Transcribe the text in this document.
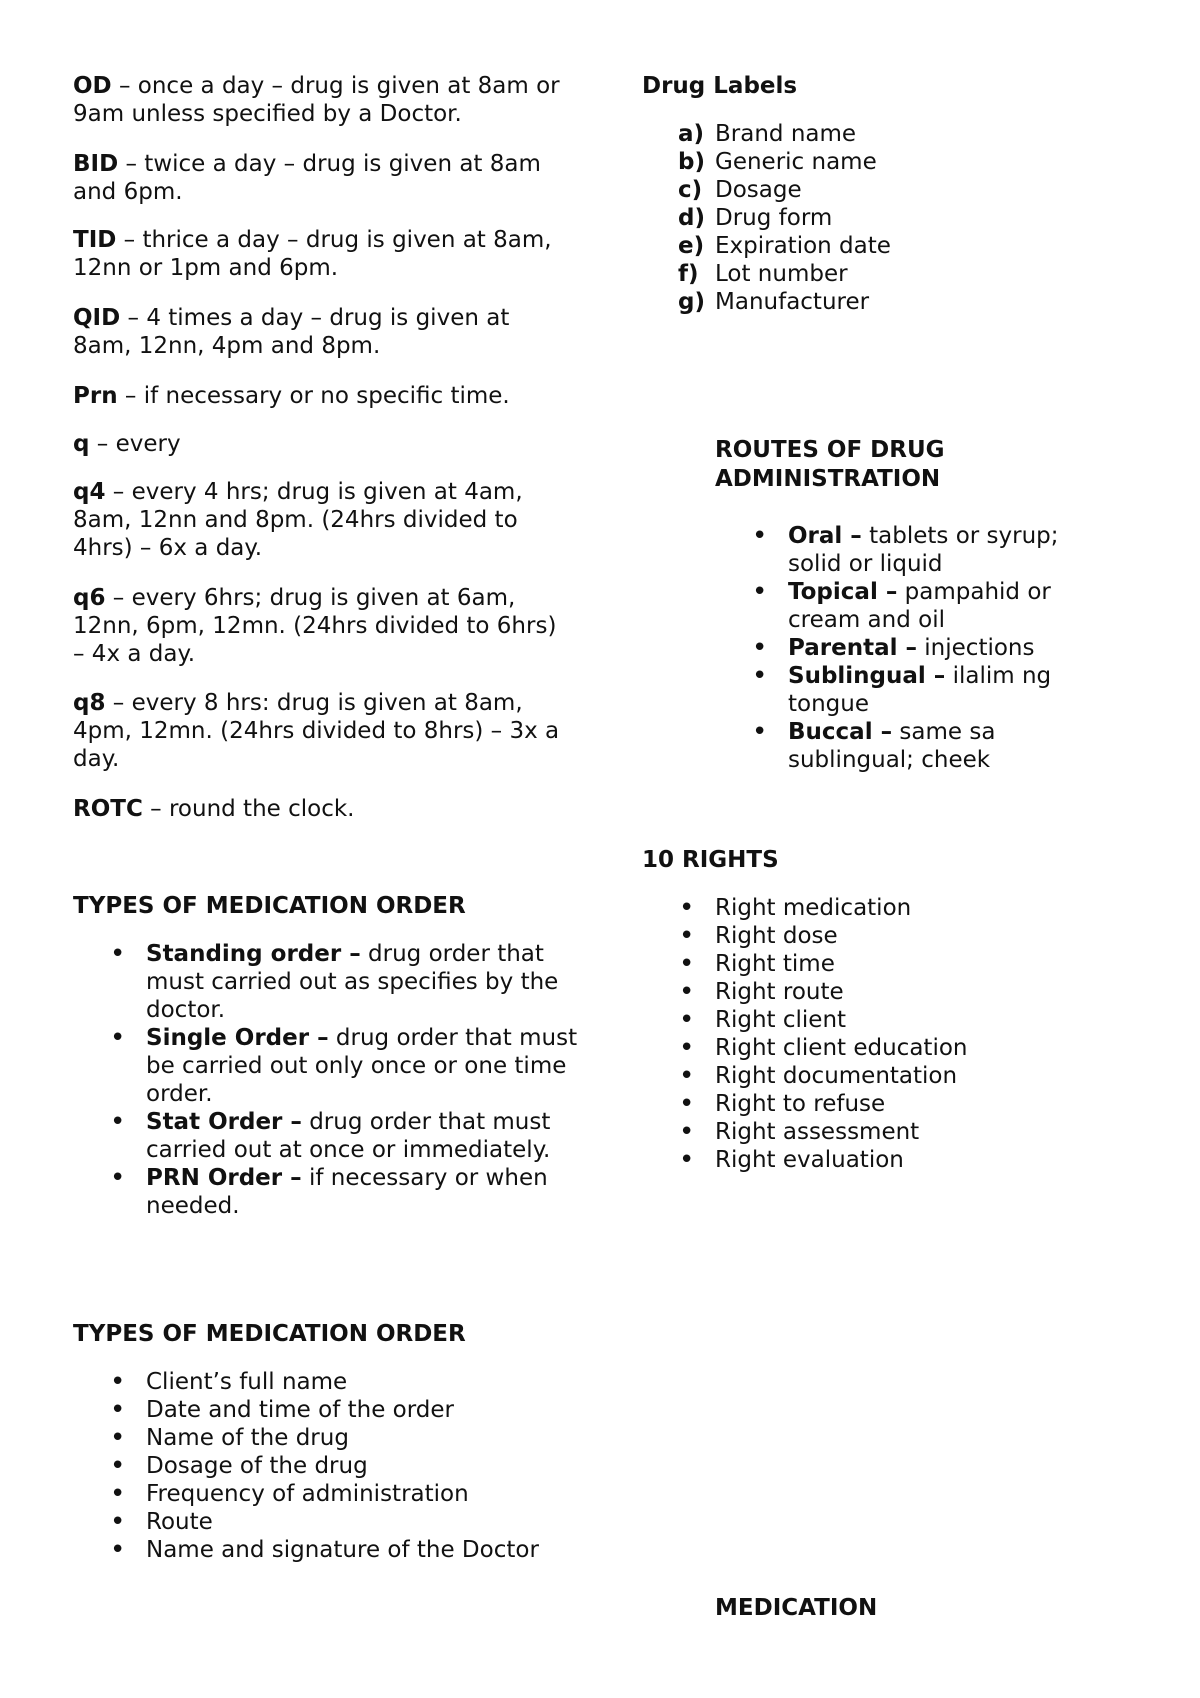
OD – once a day – drug is given at 8am or 9am unless specified by a Doctor.

BID – twice a day – drug is given at 8am and 6pm.

TID – thrice a day – drug is given at 8am, 12nn or 1pm and 6pm.

QID – 4 times a day – drug is given at 8am, 12nn, 4pm and 8pm.

Prn – if necessary or no specific time.

q – every

q4 – every 4 hrs; drug is given at 4am, 8am, 12nn and 8pm. (24hrs divided to 4hrs) – 6x a day.

q6 – every 6hrs; drug is given at 6am, 12nn, 6pm, 12mn. (24hrs divided to 6hrs) – 4x a day.

q8 – every 8 hrs: drug is given at 8am, 4pm, 12mn. (24hrs divided to 8hrs) – 3x a day.

ROTC – round the clock.

TYPES OF MEDICATION ORDER
• Standing order – drug order that must carried out as specifies by the doctor.
• Single Order – drug order that must be carried out only once or one time order.
• Stat Order – drug order that must carried out at once or immediately.
• PRN Order – if necessary or when needed.
TYPES OF MEDICATION ORDER
• Client’s full name
• Date and time of the order
• Name of the drug
• Dosage of the drug
• Frequency of administration
• Route
• Name and signature of the Doctor
Drug Labels
a) Brand name
b) Generic name
c) Dosage
d) Drug form
e) Expiration date
f) Lot number
g) Manufacturer
ROUTES OF DRUG
ADMINISTRATION
• Oral – tablets or syrup; solid or liquid
• Topical – pampahid or cream and oil
• Parental – injections
• Sublingual – ilalim ng tongue
• Buccal – same sa sublingual; cheek
10 RIGHTS
• Right medication
• Right dose
• Right time
• Right route
• Right client
• Right client education
• Right documentation
• Right to refuse
• Right assessment
• Right evaluation
MEDICATION
